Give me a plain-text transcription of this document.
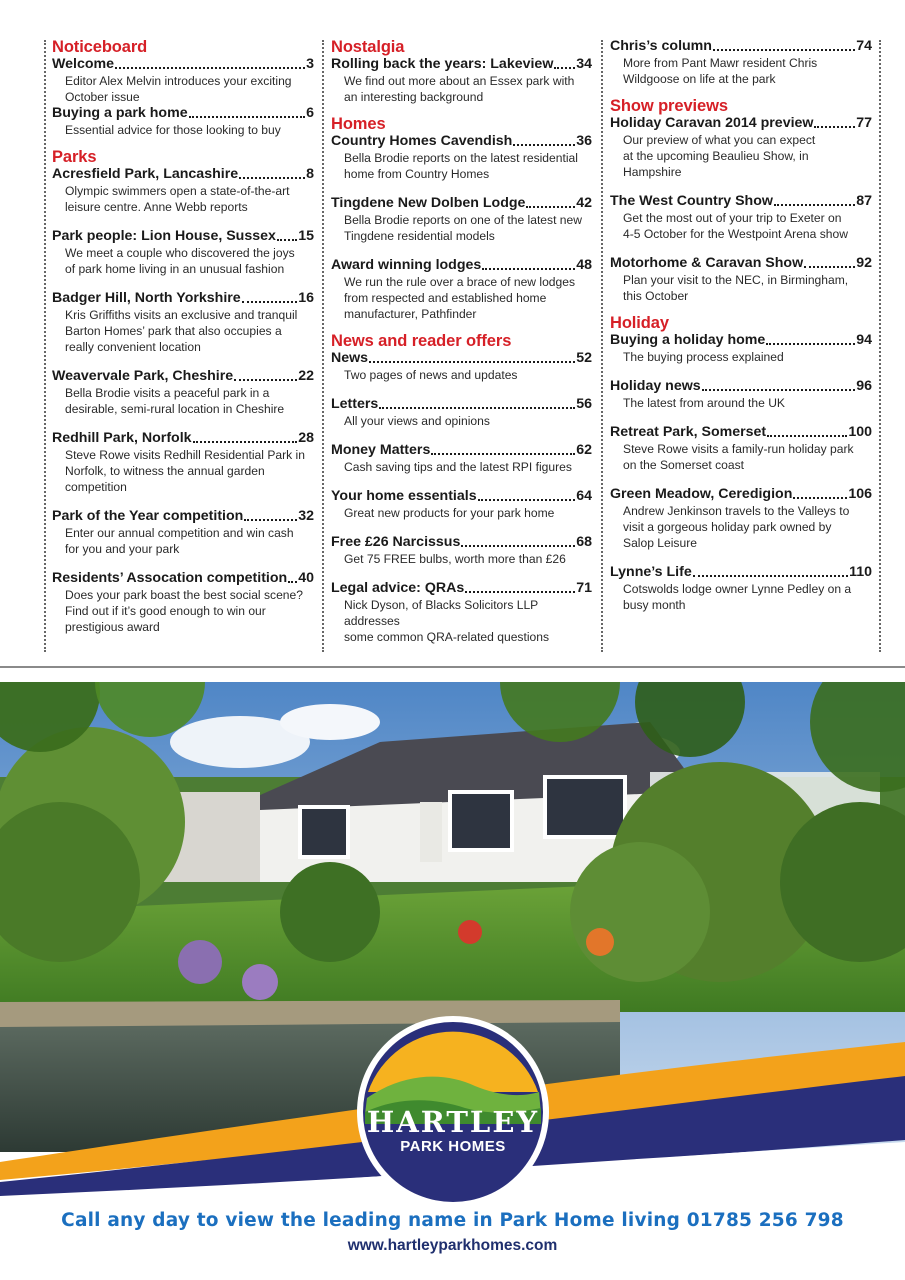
Noticeboard
Welcome	3
Editor Alex Melvin introduces your exciting
October issue
Buying a park home	6
Essential advice for those looking to buy
Parks
Acresfield Park, Lancashire	8
Olympic swimmers open a state-of-the-art
leisure centre. Anne Webb reports
Park people: Lion House, Sussex 15
We meet a couple who discovered the joys
of park home living in an unusual fashion
Badger Hill, North Yorkshire	16
Kris Griffiths visits an exclusive and tranquil
Barton Homes’ park that also occupies a
really convenient location
Weavervale Park, Cheshire	22
Bella Brodie visits a peaceful park in a
desirable, semi-rural location in Cheshire
Redhill Park, Norfolk	28
Steve Rowe visits Redhill Residential Park in
Norfolk, to witness the annual garden
competition
Park of the Year competition	32
Enter our annual competition and win cash
for you and your park
Residents’ Assocation competition 40
Does your park boast the best social scene?
Find out if it’s good enough to win our
prestigious award
Nostalgia
Rolling back the years: Lakeview 34
We find out more about an Essex park with
an interesting background
Homes
Country Homes Cavendish	36
Bella Brodie reports on the latest residential
home from Country Homes
Tingdene New Dolben Lodge	42
Bella Brodie reports on one of the latest new
Tingdene residential models
Award winning lodges	48
We run the rule over a brace of new lodges
from respected and established home
manufacturer, Pathfinder
News and reader offers
News	52
Two pages of news and updates
Letters	56
All your views and opinions
Money Matters	62
Cash saving tips and the latest RPI figures
Your home essentials	64
Great new products for your park home
Free £26 Narcissus	68
Get 75 FREE bulbs, worth more than £26
Legal advice: QRAs	71
Nick Dyson, of Blacks Solicitors LLP addresses
some common QRA-related questions
Chris’s column	74
More from Pant Mawr resident Chris
Wildgoose on life at the park
Show previews
Holiday Caravan 2014 preview	77
Our preview of what you can expect
at the upcoming Beaulieu Show, in
Hampshire
The West Country Show	87
Get the most out of your trip to Exeter on
4-5 October for the Westpoint Arena show
Motorhome & Caravan Show	92
Plan your visit to the NEC, in Birmingham,
this October
Holiday
Buying a holiday home	94
The buying process explained
Holiday news	96
The latest from around the UK
Retreat Park, Somerset	100
Steve Rowe visits a family-run holiday park
on the Somerset coast
Green Meadow, Ceredigion	106
Andrew Jenkinson travels to the Valleys to
visit a gorgeous holiday park owned by
Salop Leisure
Lynne’s Life	110
Cotswolds lodge owner Lynne Pedley on a
busy month
HARTLEY
PARK HOMES
Call any day to view the leading name in Park Home living 01785 256 798
www.hartleyparkhomes.com
